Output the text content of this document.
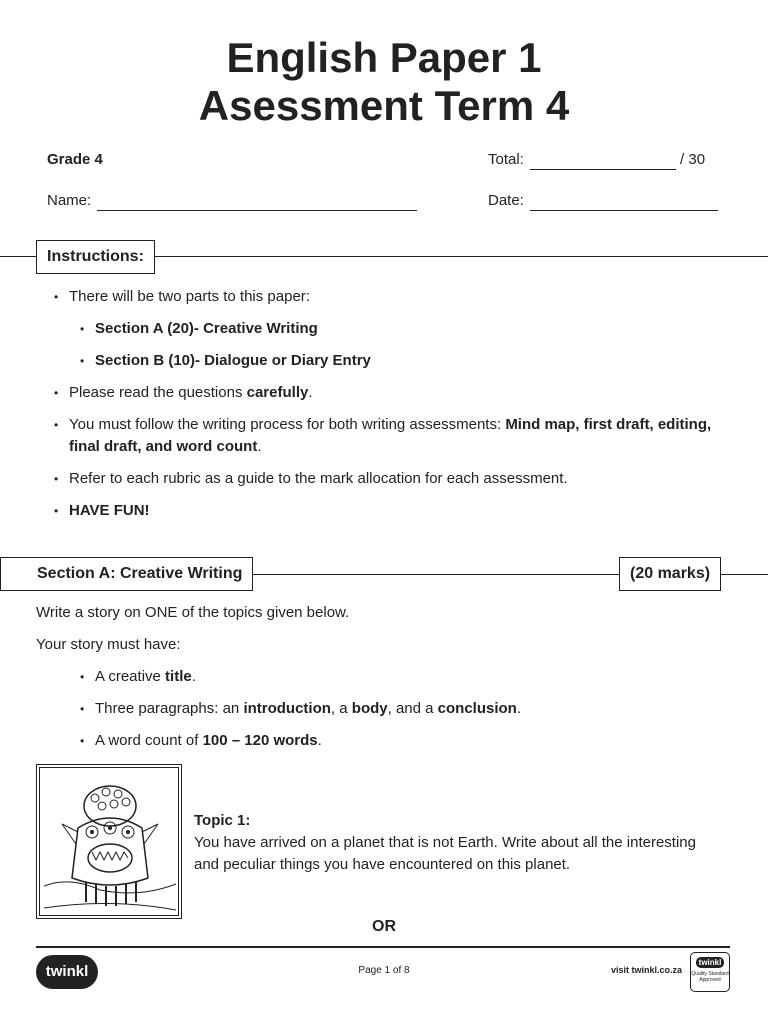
English Paper 1
Asessment Term 4
Grade 4	Total:	/ 30
Name:	Date:
Instructions:
• There will be two parts to this paper:
• Section A (20)- Creative Writing
• Section B (10)- Dialogue or Diary Entry
• Please read the questions carefully.
• You must follow the writing process for both writing assessments: Mind map, first draft, editing, final draft, and word count.
• Refer to each rubric as a guide to the mark allocation for each assessment.
• HAVE FUN!
Section A: Creative Writing	(20 marks)
Write a story on ONE of the topics given below.
Your story must have:
• A creative title.
• Three paragraphs: an introduction, a body, and a conclusion.
• A word count of 100 – 120 words.
Topic 1:
You have arrived on a planet that is not Earth. Write about all the interesting and peculiar things you have encountered on this planet.
OR
twinkl	Page 1 of 8	visit twinkl.co.za
twinkl
Quality Standard Approved
